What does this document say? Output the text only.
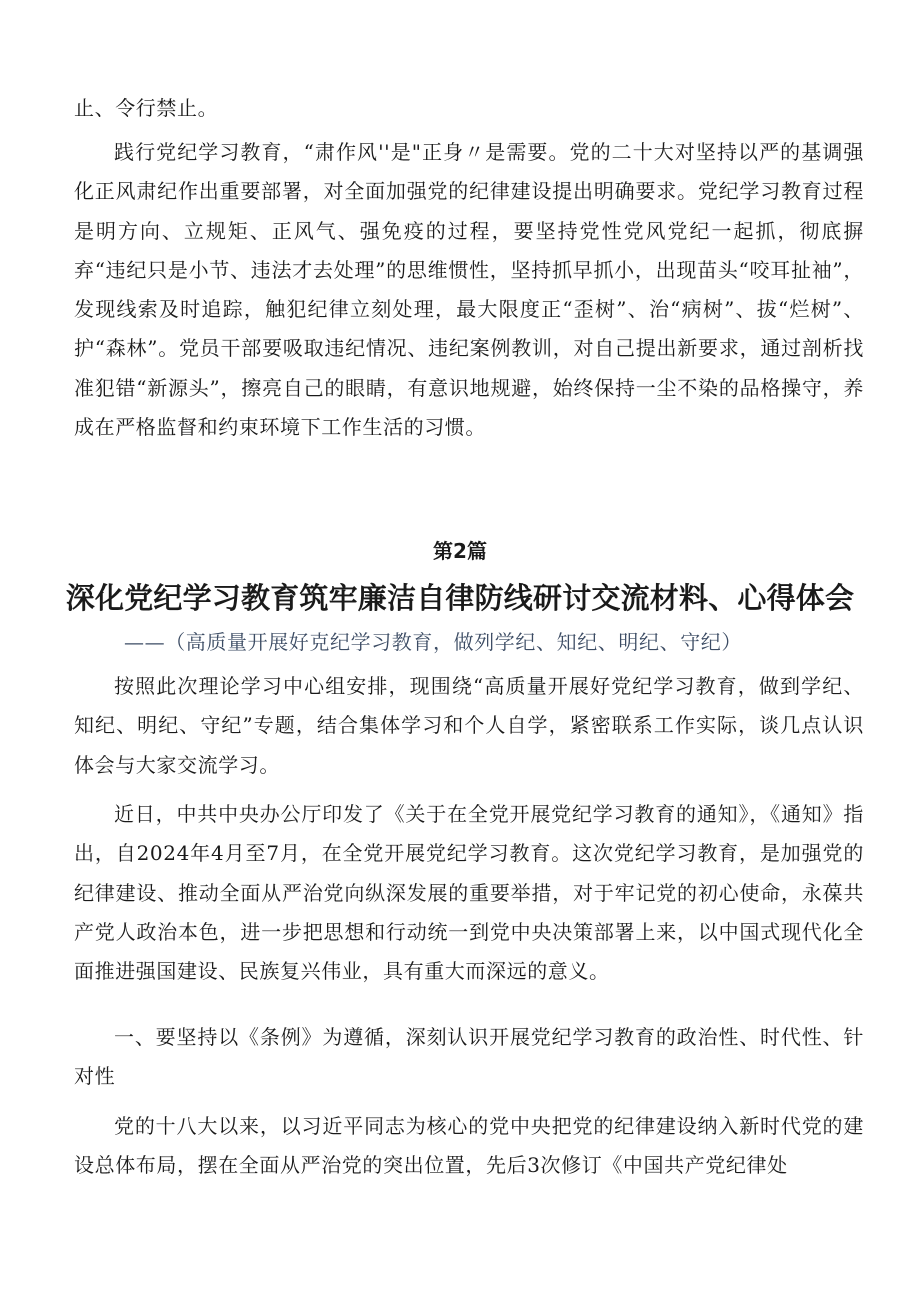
止、令行禁止。

践行党纪学习教育，“肃作风''是"正身〃是需要。党的二十大对坚持以严的基调强化正风肃纪作出重要部署，对全面加强党的纪律建设提出明确要求。党纪学习教育过程是明方向、立规矩、正风气、强免疫的过程，要坚持党性党风党纪一起抓，彻底摒弃“违纪只是小节、违法才去处理”的思维惯性，坚持抓早抓小，出现苗头“咬耳扯袖”，发现线索及时追踪，触犯纪律立刻处理，最大限度正“歪树”、治“病树”、拔“烂树”、护“森林”。党员干部要吸取违纪情况、违纪案例教训，对自己提出新要求，通过剖析找准犯错“新源头”，擦亮自己的眼睛，有意识地规避，始终保持一尘不染的品格操守，养成在严格监督和约束环境下工作生活的习惯。

第2篇
深化党纪学习教育筑牢廉洁自律防线研讨交流材料、心得体会
——（高质量开展好克纪学习教育，做列学纪、知纪、明纪、守纪）

按照此次理论学习中心组安排，现围绕“高质量开展好党纪学习教育，做到学纪、知纪、明纪、守纪”专题，结合集体学习和个人自学，紧密联系工作实际，谈几点认识体会与大家交流学习。

近日，中共中央办公厅印发了《关于在全党开展党纪学习教育的通知》，《通知》指出，自2024年4月至7月，在全党开展党纪学习教育。这次党纪学习教育，是加强党的纪律建设、推动全面从严治党向纵深发展的重要举措，对于牢记党的初心使命，永葆共产党人政治本色，进一步把思想和行动统一到党中央决策部署上来，以中国式现代化全面推进强国建设、民族复兴伟业，具有重大而深远的意义。

一、要坚持以《条例》为遵循，深刻认识开展党纪学习教育的政治性、时代性、针对性

党的十八大以来，以习近平同志为核心的党中央把党的纪律建设纳入新时代党的建设总体布局，摆在全面从严治党的突出位置，先后3次修订《中国共产党纪律处
